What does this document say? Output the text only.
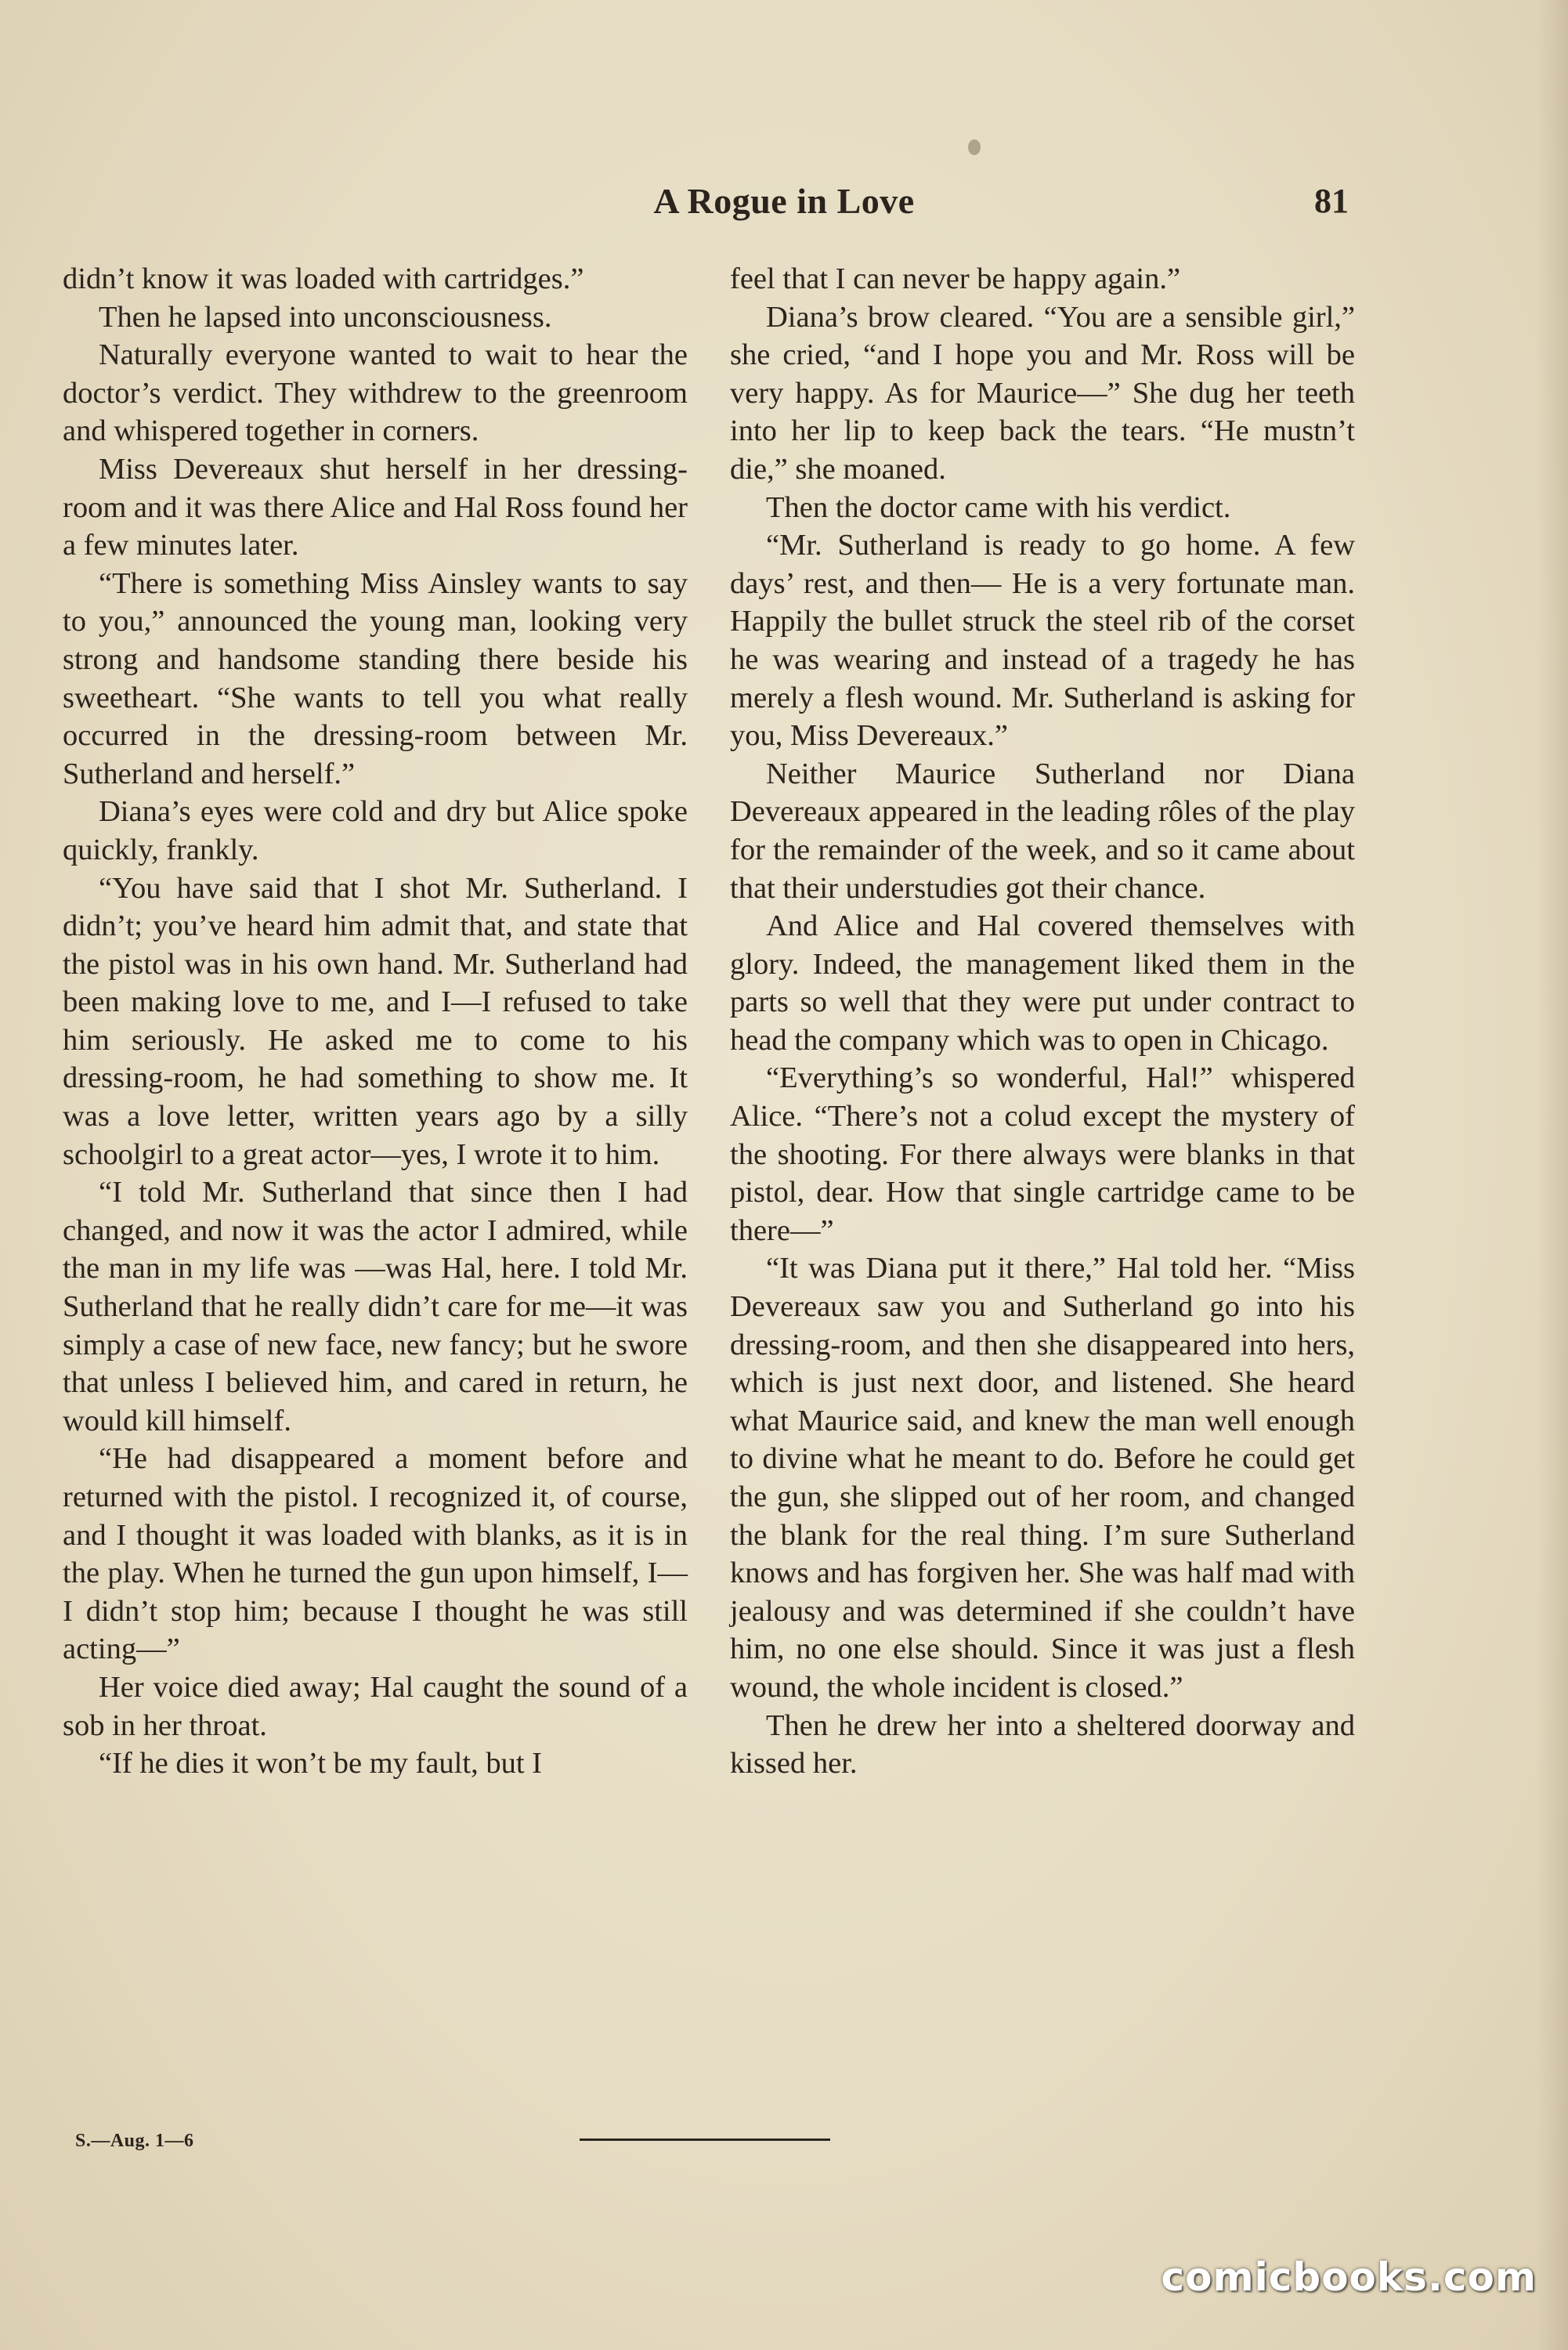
A Rogue in Love	81

didn’t know it was loaded with cartridges.”

Then he lapsed into unconsciousness.

Naturally everyone wanted to wait to hear the doctor’s verdict. They withdrew to the greenroom and whispered together in corners.

Miss Devereaux shut herself in her dressing-room and it was there Alice and Hal Ross found her a few minutes later.

“There is something Miss Ainsley wants to say to you,” announced the young man, looking very strong and handsome standing there beside his sweetheart. “She wants to tell you what really occurred in the dressing-room between Mr. Sutherland and herself.”

Diana’s eyes were cold and dry but Alice spoke quickly, frankly.

“You have said that I shot Mr. Sutherland. I didn’t; you’ve heard him admit that, and state that the pistol was in his own hand. Mr. Sutherland had been making love to me, and I—I refused to take him seriously. He asked me to come to his dressing-room, he had something to show me. It was a love letter, written years ago by a silly schoolgirl to a great actor—yes, I wrote it to him.

“I told Mr. Sutherland that since then I had changed, and now it was the actor I admired, while the man in my life was —was Hal, here. I told Mr. Sutherland that he really didn’t care for me—it was simply a case of new face, new fancy; but he swore that unless I believed him, and cared in return, he would kill himself.

“He had disappeared a moment before and returned with the pistol. I recognized it, of course, and I thought it was loaded with blanks, as it is in the play. When he turned the gun upon himself, I—I didn’t stop him; because I thought he was still acting—”

Her voice died away; Hal caught the sound of a sob in her throat.

“If he dies it won’t be my fault, but I

feel that I can never be happy again.”

Diana’s brow cleared. “You are a sensible girl,” she cried, “and I hope you and Mr. Ross will be very happy. As for Maurice—” She dug her teeth into her lip to keep back the tears. “He mustn’t die,” she moaned.

Then the doctor came with his verdict.

“Mr. Sutherland is ready to go home. A few days’ rest, and then— He is a very fortunate man. Happily the bullet struck the steel rib of the corset he was wearing and instead of a tragedy he has merely a flesh wound. Mr. Sutherland is asking for you, Miss Devereaux.”

Neither Maurice Sutherland nor Diana Devereaux appeared in the leading rôles of the play for the remainder of the week, and so it came about that their understudies got their chance.

And Alice and Hal covered themselves with glory. Indeed, the management liked them in the parts so well that they were put under contract to head the company which was to open in Chicago.

“Everything’s so wonderful, Hal!” whispered Alice. “There’s not a colud except the mystery of the shooting. For there always were blanks in that pistol, dear. How that single cartridge came to be there—”

“It was Diana put it there,” Hal told her. “Miss Devereaux saw you and Sutherland go into his dressing-room, and then she disappeared into hers, which is just next door, and listened. She heard what Maurice said, and knew the man well enough to divine what he meant to do. Before he could get the gun, she slipped out of her room, and changed the blank for the real thing. I’m sure Sutherland knows and has forgiven her. She was half mad with jealousy and was determined if she couldn’t have him, no one else should. Since it was just a flesh wound, the whole incident is closed.”

Then he drew her into a sheltered doorway and kissed her.

S.—Aug. 1—6
comicbooks.com
